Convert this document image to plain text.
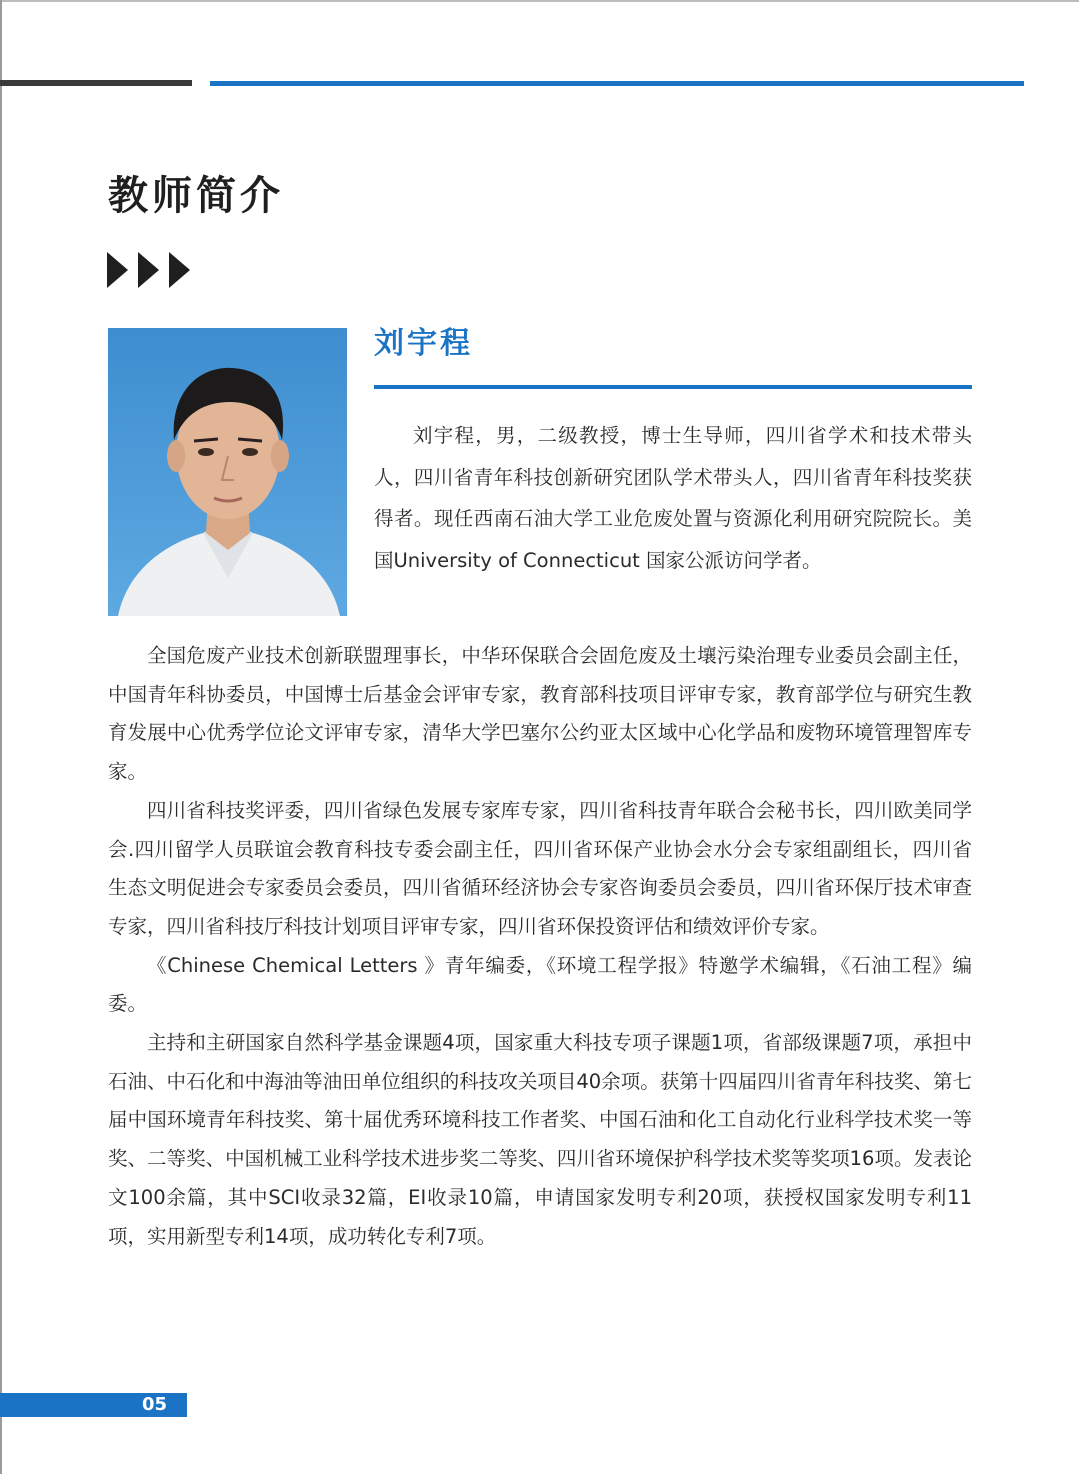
教师简介
刘宇程

刘宇程，男，二级教授，博士生导师，四川省学术和技术带头人，四川省青年科技创新研究团队学术带头人，四川省青年科技奖获得者。现任西南石油大学工业危废处置与资源化利用研究院院长。美国University of Connecticut 国家公派访问学者。

全国危废产业技术创新联盟理事长，中华环保联合会固危废及土壤污染治理专业委员会副主任，中国青年科协委员，中国博士后基金会评审专家，教育部科技项目评审专家，教育部学位与研究生教育发展中心优秀学位论文评审专家，清华大学巴塞尔公约亚太区域中心化学品和废物环境管理智库专家。

四川省科技奖评委，四川省绿色发展专家库专家，四川省科技青年联合会秘书长，四川欧美同学会.四川留学人员联谊会教育科技专委会副主任，四川省环保产业协会水分会专家组副组长，四川省生态文明促进会专家委员会委员，四川省循环经济协会专家咨询委员会委员，四川省环保厅技术审查专家，四川省科技厅科技计划项目评审专家，四川省环保投资评估和绩效评价专家。

《Chinese Chemical Letters 》青年编委，《环境工程学报》特邀学术编辑，《石油工程》编委。

主持和主研国家自然科学基金课题4项，国家重大科技专项子课题1项，省部级课题7项，承担中石油、中石化和中海油等油田单位组织的科技攻关项目40余项。获第十四届四川省青年科技奖、第七届中国环境青年科技奖、第十届优秀环境科技工作者奖、中国石油和化工自动化行业科学技术奖一等奖、二等奖、中国机械工业科学技术进步奖二等奖、四川省环境保护科学技术奖等奖项16项。发表论文100余篇，其中SCI收录32篇，EI收录10篇，申请国家发明专利20项，获授权国家发明专利11项，实用新型专利14项，成功转化专利7项。

05
